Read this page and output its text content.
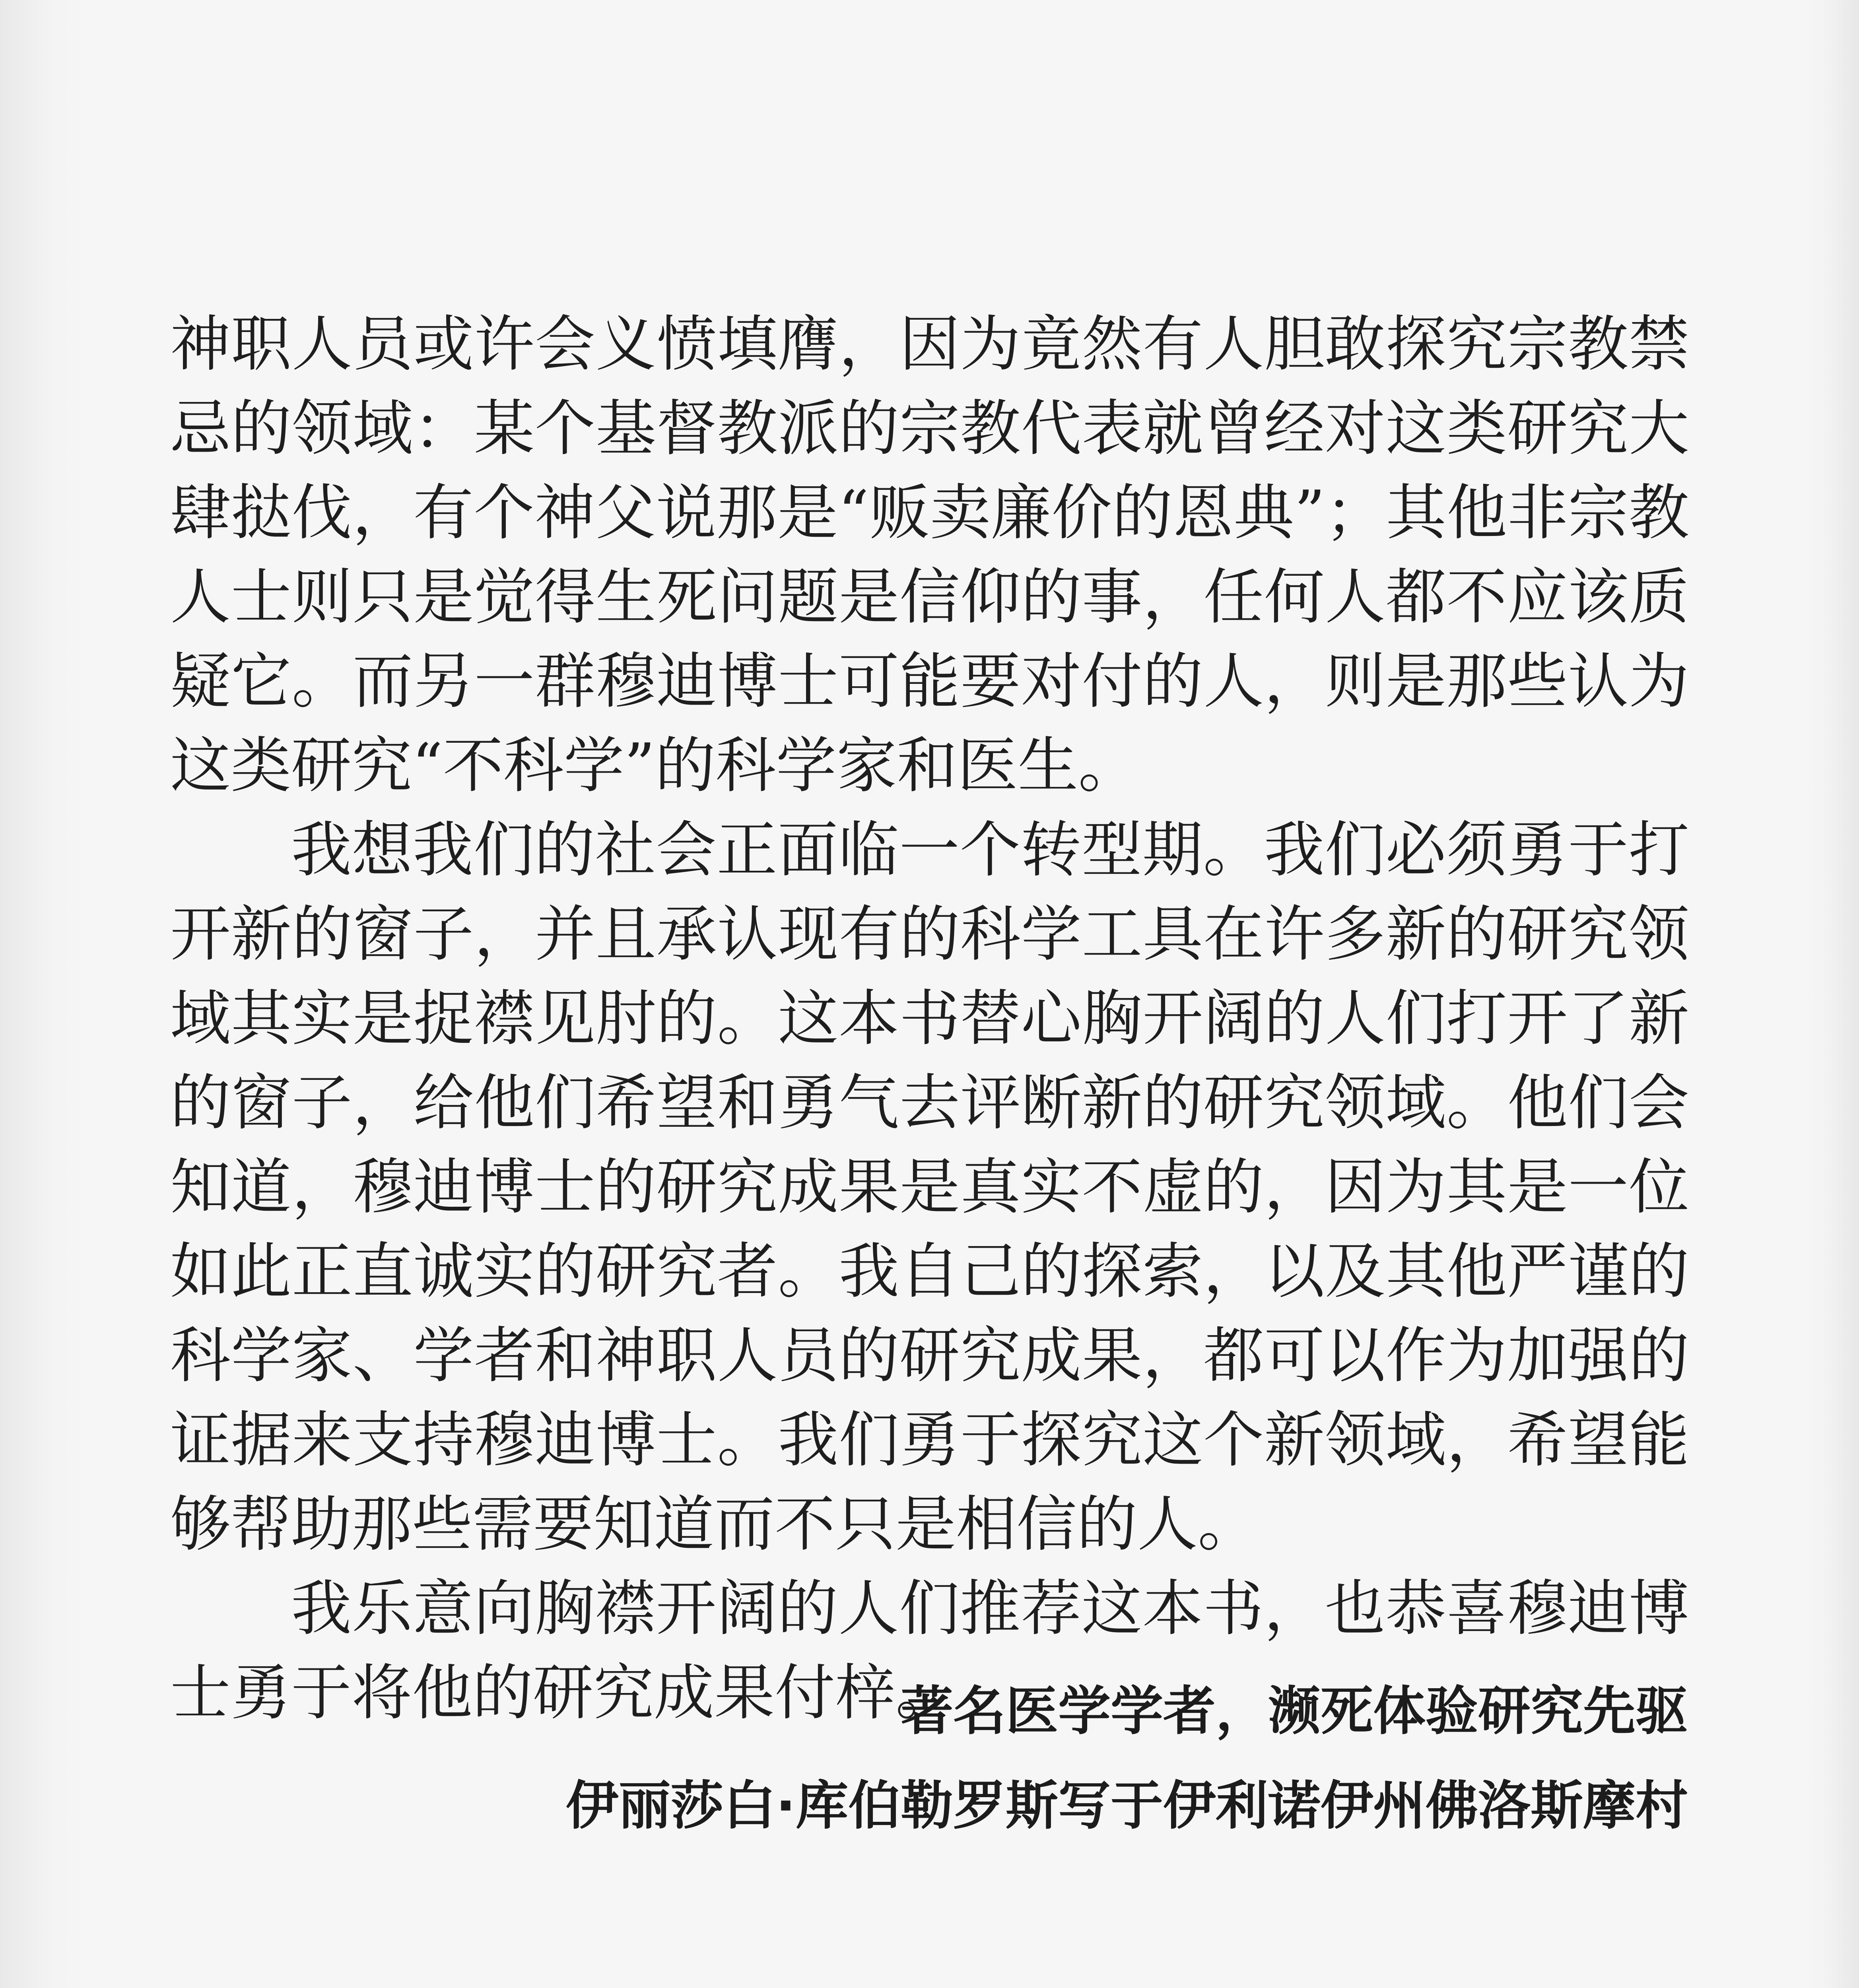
神职人员或许会义愤填膺，因为竟然有人胆敢探究宗教禁忌的领域：某个基督教派的宗教代表就曾经对这类研究大肆挞伐，有个神父说那是“贩卖廉价的恩典”；其他非宗教人士则只是觉得生死问题是信仰的事，任何人都不应该质疑它。而另一群穆迪博士可能要对付的人，则是那些认为这类研究“不科学”的科学家和医生。

我想我们的社会正面临一个转型期。我们必须勇于打开新的窗子，并且承认现有的科学工具在许多新的研究领域其实是捉襟见肘的。这本书替心胸开阔的人们打开了新的窗子，给他们希望和勇气去评断新的研究领域。他们会知道，穆迪博士的研究成果是真实不虚的，因为其是一位如此正直诚实的研究者。我自己的探索，以及其他严谨的科学家、学者和神职人员的研究成果，都可以作为加强的证据来支持穆迪博士。我们勇于探究这个新领域，希望能够帮助那些需要知道而不只是相信的人。

我乐意向胸襟开阔的人们推荐这本书，也恭喜穆迪博士勇于将他的研究成果付梓。

著名医学学者，濒死体验研究先驱
伊丽莎白·库伯勒罗斯写于伊利诺伊州佛洛斯摩村
